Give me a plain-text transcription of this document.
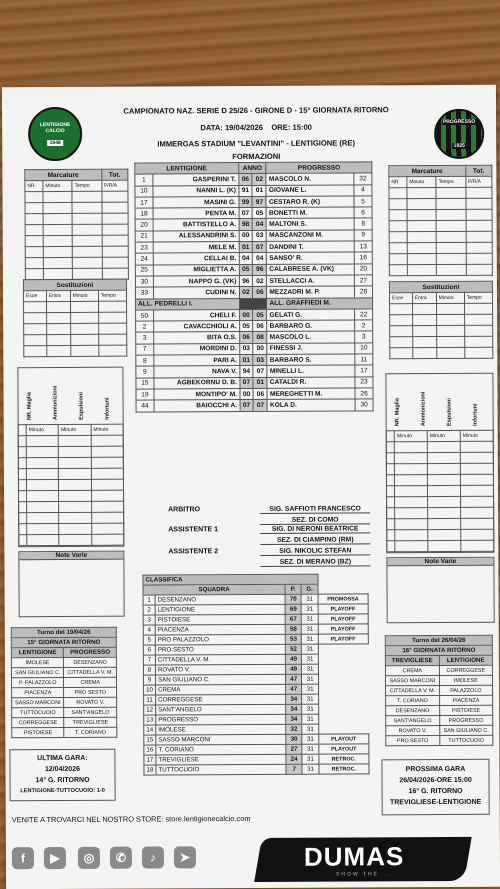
LENTIGIONE
CALCIO
1948
PROGRESSO
1925
CAMPIONATO NAZ. SERIE D 25/26 - GIRONE D - 15° GIORNATA RITORNO
DATA: 19/04/2026    ORE: 15:00
IMMERGAS STADIUM "LEVANTINI" - LENTIGIONE (RE)
FORMAZIONI
LENTIGIONE		ANNO		PROGRESSO	
1	GASPERINI T.	06	02	MASCOLO N.	32
10	NANNI L. (K)	91	01	GIOVANE L.	4
17	MASINI G.	99	97	CESTARO R. (K)	5
18	PENTA M.	07	05	BONETTI M.	6
20	BATTISTELLO A.	98	04	MALTONI S.	8
21	ALESSANDRINI S.	00	03	MASCANZONI M.	9
23	MELE M.	01	07	DANDINI T.	13
24	CELLAI B.	04	04	SANSO' R.	16
25	MIGLIETTA A.	05	96	CALABRESE A. (VK)	20
30	NAPPO G. (VK)	96	02	STELLACCI A.	27
33	CUDINI N.	02	06	MEZZADRI M. P.	28
ALL. PEDRELLI I.				ALL. GRAFFIEDI M.	
50	CHELI F.	00	05	GELATI G.	22
2	CAVACCHIOLI A.	05	06	BARBARO G.	2
3	BITA O.S.	06	08	MASCOLO L.	3
7	MORDINI D.	03	00	FINESSI J.	10
8	PARI A.	01	03	BARBARO S.	11
9	NAVA V.	94	07	MINELLI L.	17
15	AGBEKORNU D. B.	07	01	CATALDI R.	23
19	MONTIPO' M.	00	06	MEREGHETTI M.	26
44	BAIOCCHI A.	07	07	KOLA D.	30
ARBITRO	SIG. SAFFIOTI FRANCESCO
SEZ. DI COMO
ASSISTENTE 1	SIG. DI NERONI BEATRICE
SEZ. DI CIAMPINO (RM)
ASSISTENTE 2	SIG. NIKOLIC STEFAN
SEZ. DI MERANO (BZ)
Marcature			Tot.
NR	Minuto	Tempo	P/R/A

Sostituzioni			
Esce	Entra	Minuto	Tempo

NR. Maglia	Ammonizioni	Espulsioni	Infortuni
	Minuto	Minuto	Minuto

Note Varie
Marcature			Tot.
NR	Minuto	Tempo	P/R/A

Sostituzioni			
Esce	Entra	Minuto	Tempo

NR. Maglia	Ammonizioni	Espulsioni	Infortuni
	Minuto	Minuto	Minuto

Note Varie
CLASSIFICA				
SQUADRA		P.	G.	
1	DESENZANO	70	31	PROMOSSA
2	LENTIGIONE	69	31	PLAYOFF
3	PISTOIESE	67	31	PLAYOFF
4	PIACENZA	58	31	PLAYOFF
5	PRO PALAZZOLO	53	31	PLAYOFF
6	PRO SESTO	52	31	
7	CITTADELLA V. M.	49	31	
8	ROVATO V.	49	31	
9	SAN GIULIANO C.	47	31	
10	CREMA	47	31	
11	CORREGGESE	34	31	
12	SANT'ANGELO	34	31	
13	PROGRESSO	34	31	
14	IMOLESE	32	31	
15	SASSO MARCONI	30	31	PLAYOUT
16	T. CORIANO	27	31	PLAYOUT
17	TREVIGLIESE	24	31	RETROC.
18	TUTTOCUOIO	7	31	RETROC.
Turno del 19/04/26	
15° GIORNATA RITORNO	
LENTIGIONE	PROGRESSO
IMOLESE	DESENZANO
SAN GIULIANO C.	CITTADELLA V. M.
P. PALAZZOLO	CREMA
PIACENZA	PRO SESTO
SASSO MARCONI	ROVATO V.
TUTTOCUOIO	SANT'ANGELO
CORREGGESE	TREVIGLIESE
PISTOIESE	T. CORIANO
Turno del 26/04/26	
16° GIORNATA RITORNO	
TREVIGLIESE	LENTIGIONE
CREMA	CORREGGESE
SASSO MARCONI	IMOLESE
CITTADELLA V. M.	PALAZZOLO
T. CORIANO	PIACENZA
DESENZANO	PISTOIESE
SANT'ANGELO	PROGRESSO
ROVATO V.	SAN GIULIANO C.
PRO SESTO	TUTTOCUOIO
ULTIMA GARA:
12/04/2026
14° G. RITORNO
LENTIGIONE-TUTTOCUOIO: 1-0
PROSSIMA GARA
26/04/2026-ORE 15:00
16° G. RITORNO
TREVIGLIESE-LENTIGIONE
VENITE A TROVARCI NEL NOSTRO STORE: store.lentigionecalcio.com
f	▶	◎	✆	♪	➤	DUMAS
SHOW THE ...
